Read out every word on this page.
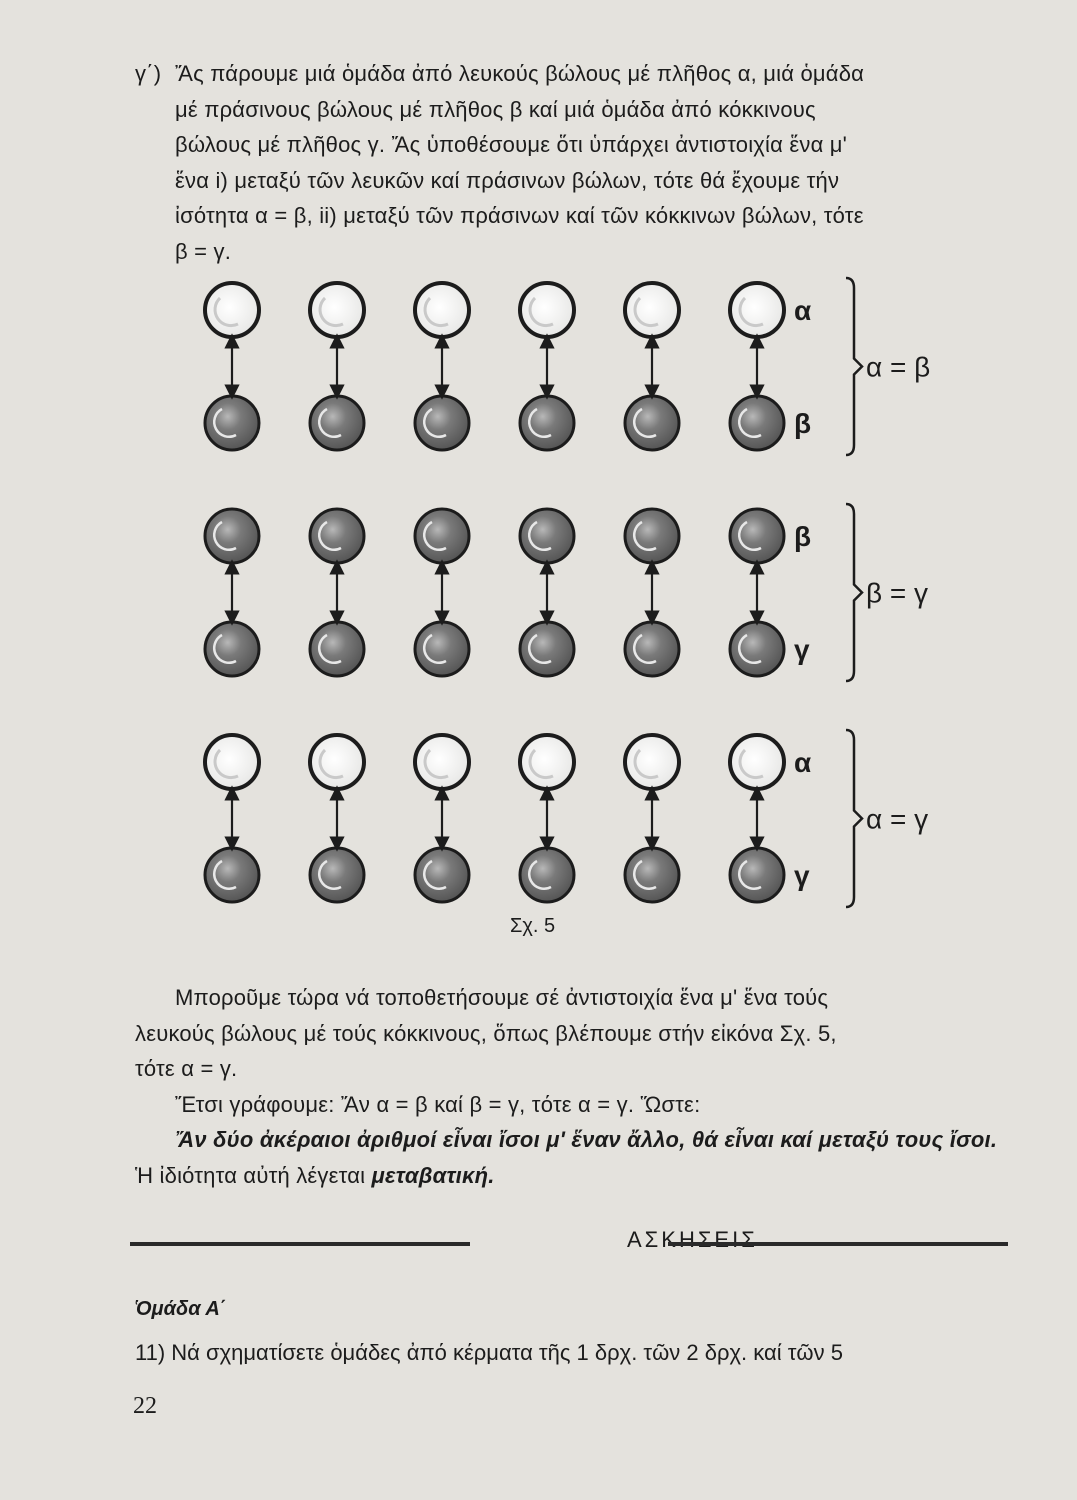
γ΄) Ἄς πάρουμε μιά ὁμάδα ἀπό λευκούς βώλους μέ πλῆθος α, μιά ὁμάδα
μέ πράσινους βώλους μέ πλῆθος β καί μιά ὁμάδα ἀπό κόκκινους
βώλους μέ πλῆθος γ. Ἄς ὑποθέσουμε ὅτι ὑπάρχει ἀντιστοιχία ἕνα μ'
ἕνα i) μεταξύ τῶν λευκῶν καί πράσινων βώλων, τότε θά ἔχουμε τήν
ἰσότητα α = β, ii) μεταξύ τῶν πράσινων καί τῶν κόκκινων βώλων, τότε
β = γ.
α
β
β
γ
α
γ
α = β
β = γ
α = γ
Σχ. 5
Μποροῦμε τώρα νά τοποθετήσουμε σέ ἀντιστοιχία ἕνα μ' ἕνα τούς
λευκούς βώλους μέ τούς κόκκινους, ὅπως βλέπουμε στήν εἰκόνα Σχ. 5,
τότε α = γ.
Ἔτσι γράφουμε: Ἄν α = β καί β = γ, τότε α = γ. Ὥστε:
Ἄν δύο ἀκέραιοι ἀριθμοί εἶναι ἴσοι μ' ἕναν ἄλλο, θά εἶναι καί μεταξύ τους ἴσοι. Ἡ ἰδιότητα αὐτή λέγεται μεταβατική.
ΑΣΚΗΣΕΙΣ
Ὁμάδα Α΄
11) Νά σχηματίσετε ὁμάδες ἀπό κέρματα τῆς 1 δρχ. τῶν 2 δρχ. καί τῶν 5
22
